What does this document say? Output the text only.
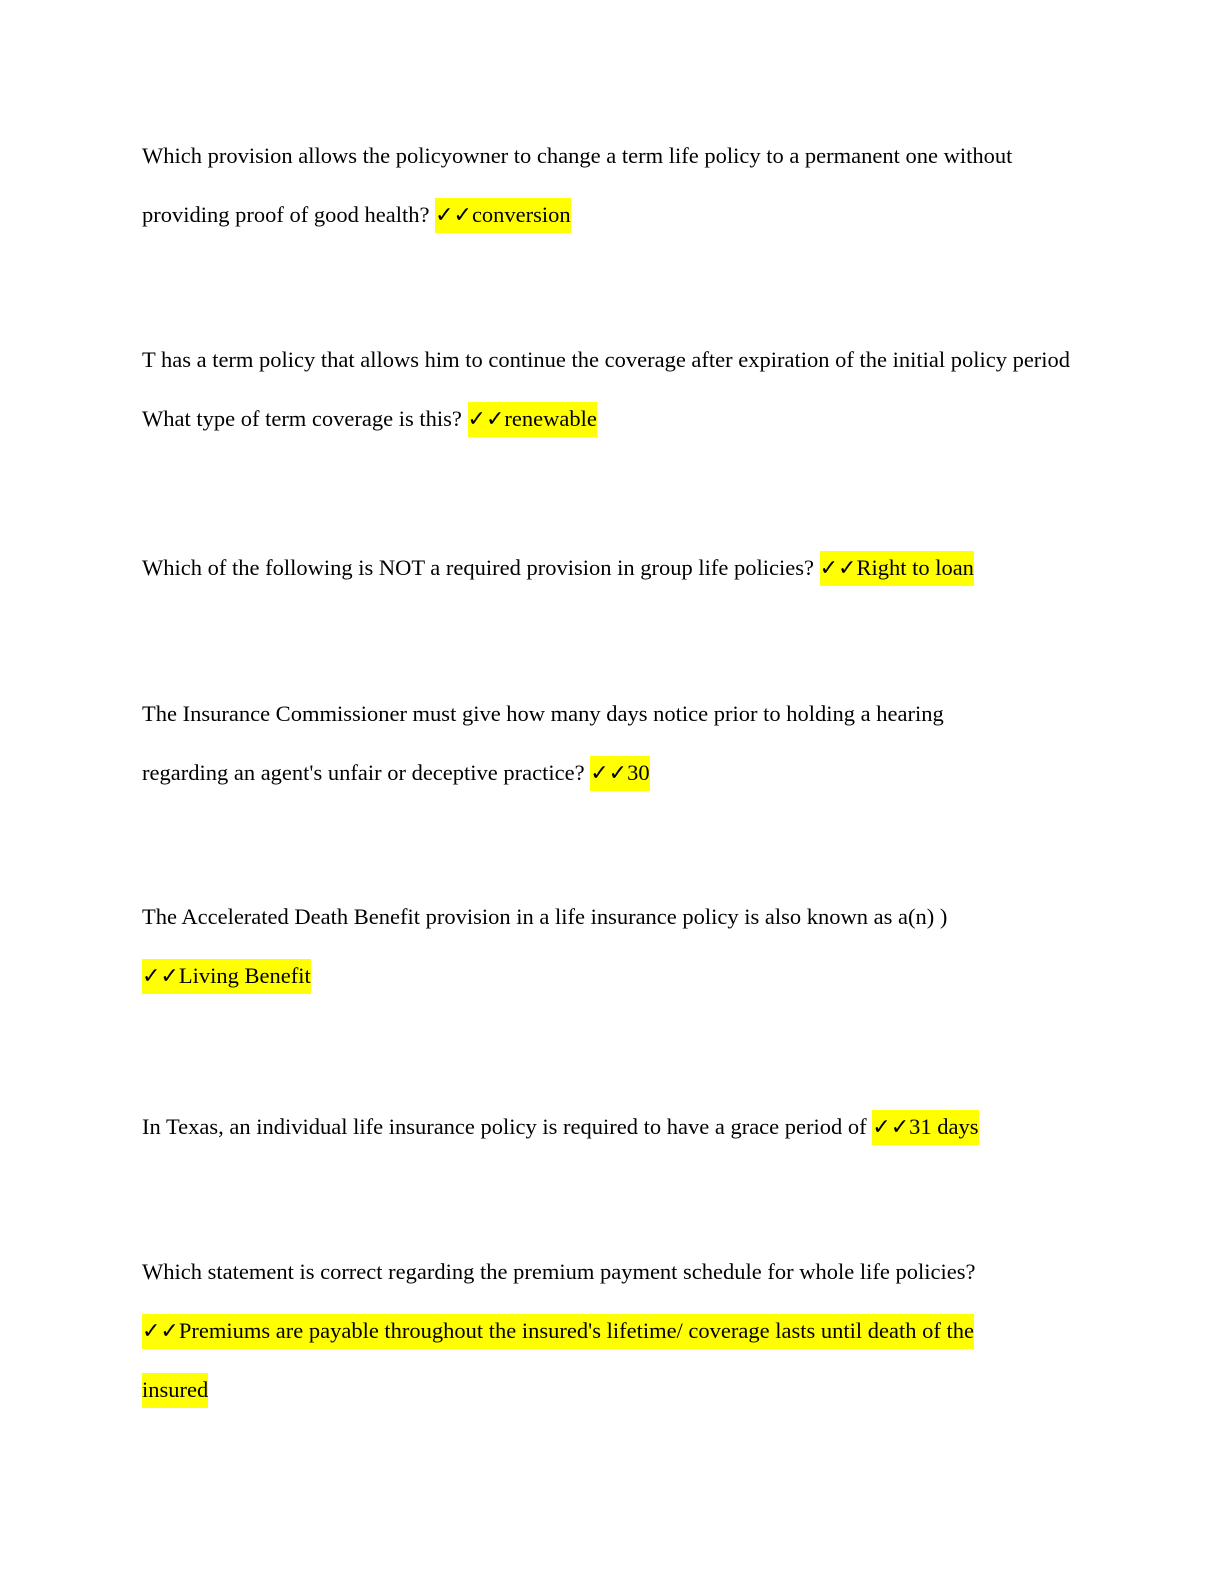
Which provision allows the policyowner to change a term life policy to a permanent one without providing proof of good health? ✓✓conversion

T has a term policy that allows him to continue the coverage after expiration of the initial policy period What type of term coverage is this? ✓✓renewable

Which of the following is NOT a required provision in group life policies? ✓✓Right to loan

The Insurance Commissioner must give how many days notice prior to holding a hearing regarding an agent's unfair or deceptive practice? ✓✓30

The Accelerated Death Benefit provision in a life insurance policy is also known as a(n) ) ✓✓Living Benefit

In Texas, an individual life insurance policy is required to have a grace period of ✓✓31 days

Which statement is correct regarding the premium payment schedule for whole life policies? ✓✓Premiums are payable throughout the insured's lifetime/ coverage lasts until death of the insured
